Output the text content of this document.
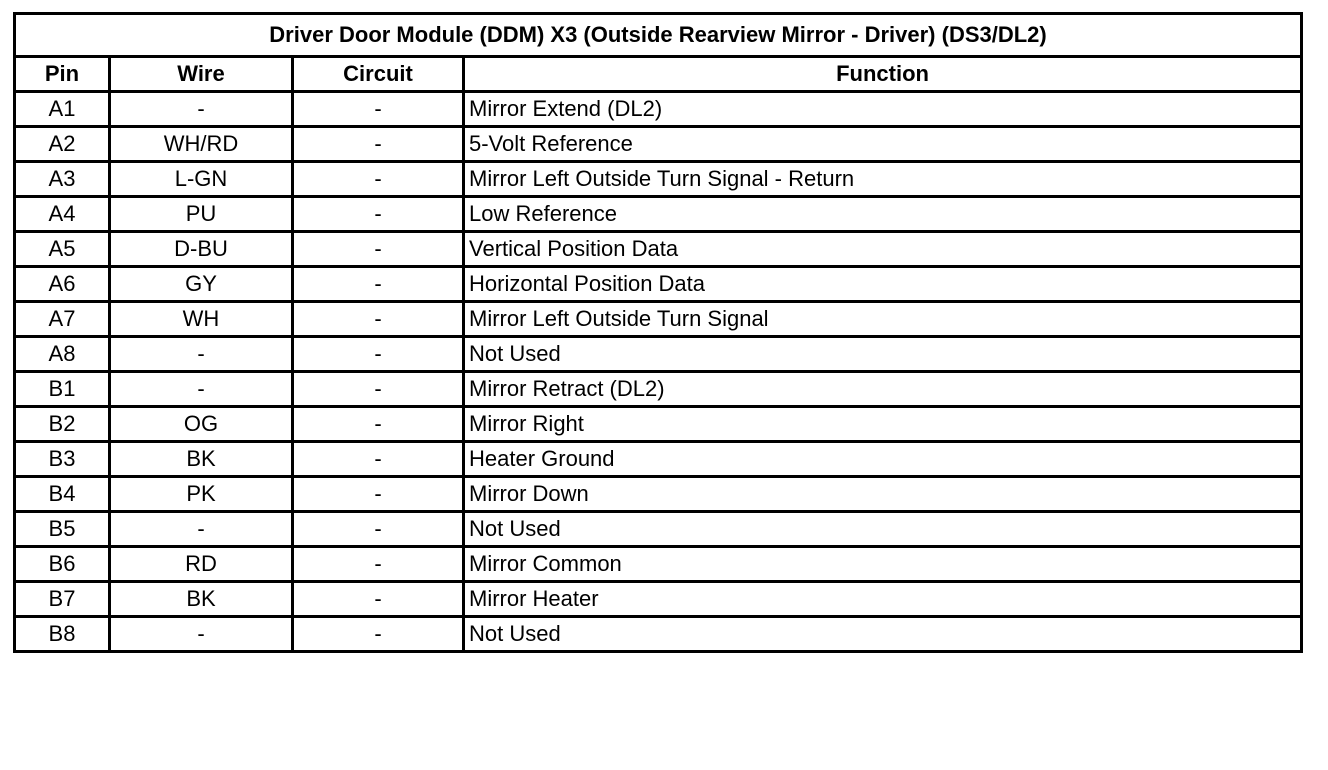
Driver Door Module (DDM) X3 (Outside Rearview Mirror - Driver) (DS3/DL2)			
Pin	Wire	Circuit	Function
A1	-	-	Mirror Extend (DL2)
A2	WH/RD	-	5-Volt Reference
A3	L-GN	-	Mirror Left Outside Turn Signal - Return
A4	PU	-	Low Reference
A5	D-BU	-	Vertical Position Data
A6	GY	-	Horizontal Position Data
A7	WH	-	Mirror Left Outside Turn Signal
A8	-	-	Not Used
B1	-	-	Mirror Retract (DL2)
B2	OG	-	Mirror Right
B3	BK	-	Heater Ground
B4	PK	-	Mirror Down
B5	-	-	Not Used
B6	RD	-	Mirror Common
B7	BK	-	Mirror Heater
B8	-	-	Not Used
